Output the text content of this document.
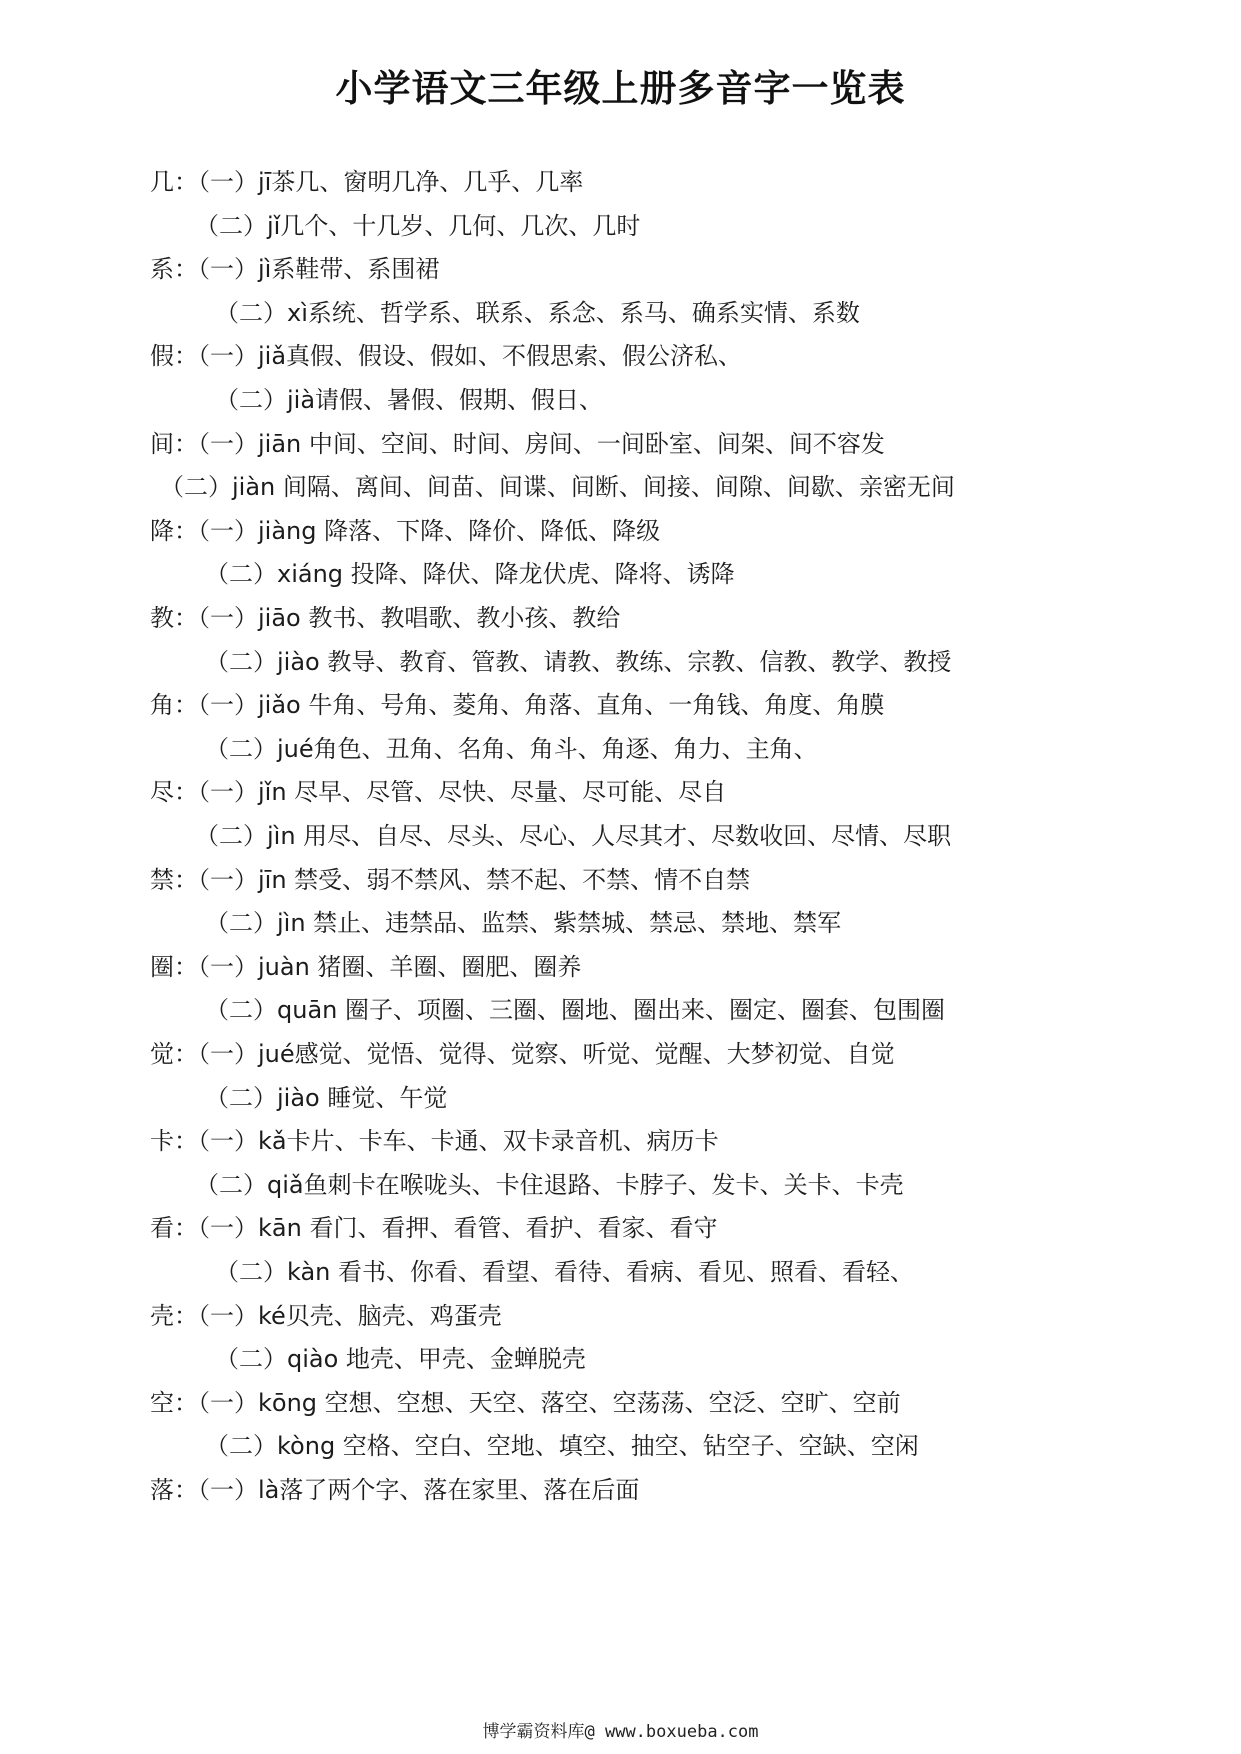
小学语文三年级上册多音字一览表
几：（一）jī茶几、窗明几净、几乎、几率
（二）jǐ几个、十几岁、几何、几次、几时
系：（一）jì系鞋带、系围裙
（二）xì系统、哲学系、联系、系念、系马、确系实情、系数
假：（一）jiǎ真假、假设、假如、不假思索、假公济私、
（二）jià请假、暑假、假期、假日、
间：（一）jiān 中间、空间、时间、房间、一间卧室、间架、间不容发
（二）jiàn 间隔、离间、间苗、间谍、间断、间接、间隙、间歇、亲密无间
降：（一）jiàng 降落、下降、降价、降低、降级
（二）xiáng 投降、降伏、降龙伏虎、降将、诱降
教：（一）jiāo 教书、教唱歌、教小孩、教给
（二）jiào 教导、教育、管教、请教、教练、宗教、信教、教学、教授
角：（一）jiǎo 牛角、号角、菱角、角落、直角、一角钱、角度、角膜
（二）jué角色、丑角、名角、角斗、角逐、角力、主角、
尽：（一）jǐn 尽早、尽管、尽快、尽量、尽可能、尽自
（二）jìn 用尽、自尽、尽头、尽心、人尽其才、尽数收回、尽情、尽职
禁：（一）jīn 禁受、弱不禁风、禁不起、不禁、情不自禁
（二）jìn 禁止、违禁品、监禁、紫禁城、禁忌、禁地、禁军
圈：（一）juàn 猪圈、羊圈、圈肥、圈养
（二）quān 圈子、项圈、三圈、圈地、圈出来、圈定、圈套、包围圈
觉：（一）jué感觉、觉悟、觉得、觉察、听觉、觉醒、大梦初觉、自觉
（二）jiào 睡觉、午觉
卡：（一）kǎ卡片、卡车、卡通、双卡录音机、病历卡
（二）qiǎ鱼刺卡在喉咙头、卡住退路、卡脖子、发卡、关卡、卡壳
看：（一）kān 看门、看押、看管、看护、看家、看守
（二）kàn 看书、你看、看望、看待、看病、看见、照看、看轻、
壳：（一）ké贝壳、脑壳、鸡蛋壳
（二）qiào 地壳、甲壳、金蝉脱壳
空：（一）kōng 空想、空想、天空、落空、空荡荡、空泛、空旷、空前
（二）kòng 空格、空白、空地、填空、抽空、钻空子、空缺、空闲
落：（一）là落了两个字、落在家里、落在后面
博学霸资料库@ www.boxueba.com
